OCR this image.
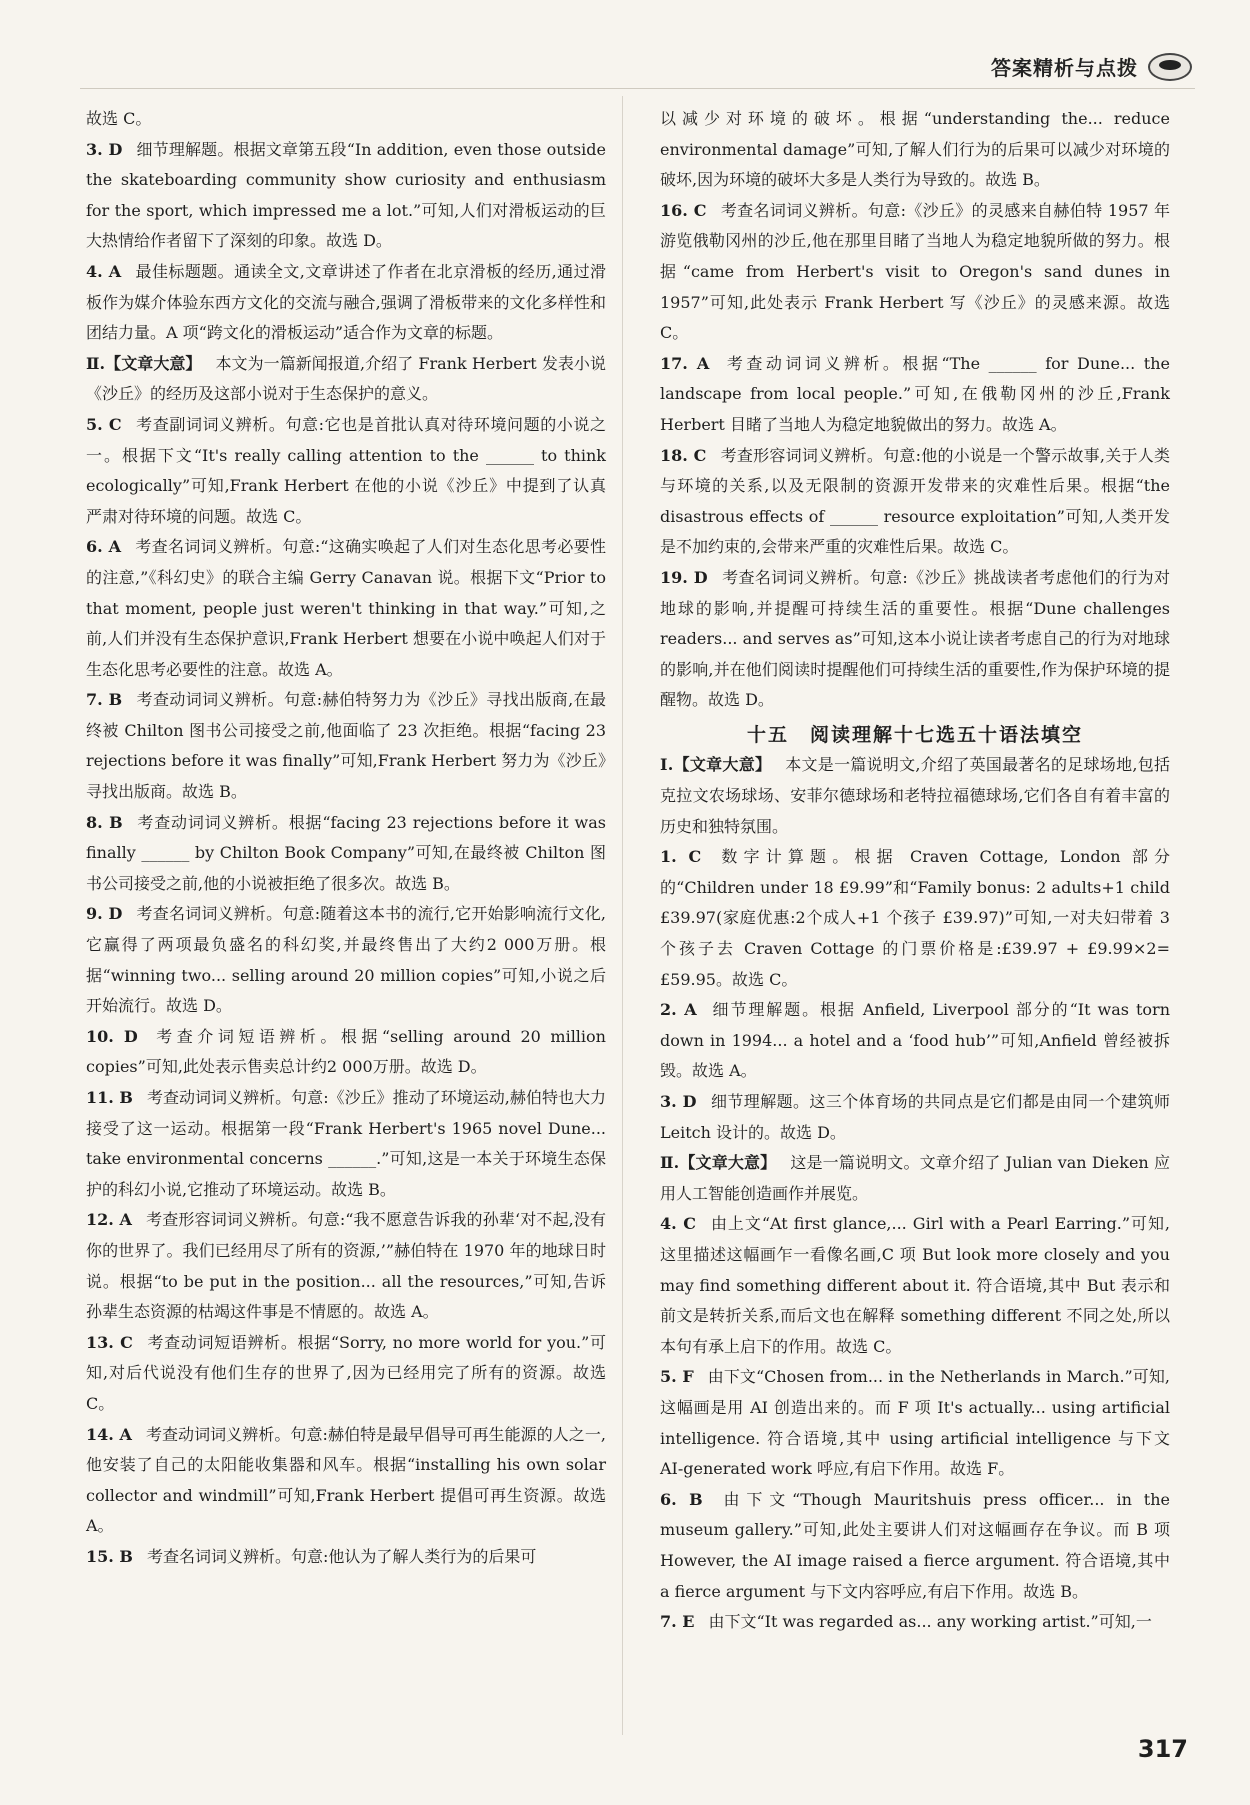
答案精析与点拨

故选 C。

3. D 细节理解题。根据文章第五段“In addition, even those outside the skateboarding community show curiosity and enthusiasm for the sport, which impressed me a lot.”可知,人们对滑板运动的巨大热情给作者留下了深刻的印象。故选 D。

4. A 最佳标题题。通读全文,文章讲述了作者在北京滑板的经历,通过滑板作为媒介体验东西方文化的交流与融合,强调了滑板带来的文化多样性和团结力量。A 项“跨文化的滑板运动”适合作为文章的标题。

Ⅱ.【文章大意】 本文为一篇新闻报道,介绍了 Frank Herbert 发表小说《沙丘》的经历及这部小说对于生态保护的意义。

5. C 考查副词词义辨析。句意:它也是首批认真对待环境问题的小说之一。根据下文“It's really calling attention to the ______ to think ecologically”可知,Frank Herbert 在他的小说《沙丘》中提到了认真严肃对待环境的问题。故选 C。

6. A 考查名词词义辨析。句意:“这确实唤起了人们对生态化思考必要性的注意,”《科幻史》的联合主编 Gerry Canavan 说。根据下文“Prior to that moment, people just weren't thinking in that way.”可知,之前,人们并没有生态保护意识,Frank Herbert 想要在小说中唤起人们对于生态化思考必要性的注意。故选 A。

7. B 考查动词词义辨析。句意:赫伯特努力为《沙丘》寻找出版商,在最终被 Chilton 图书公司接受之前,他面临了 23 次拒绝。根据“facing 23 rejections before it was finally”可知,Frank Herbert 努力为《沙丘》寻找出版商。故选 B。

8. B 考查动词词义辨析。根据“facing 23 rejections before it was finally ______ by Chilton Book Company”可知,在最终被 Chilton 图书公司接受之前,他的小说被拒绝了很多次。故选 B。

9. D 考查名词词义辨析。句意:随着这本书的流行,它开始影响流行文化,它赢得了两项最负盛名的科幻奖,并最终售出了大约2 000万册。根据“winning two... selling around 20 million copies”可知,小说之后开始流行。故选 D。

10. D 考查介词短语辨析。根据“selling around 20 million copies”可知,此处表示售卖总计约2 000万册。故选 D。

11. B 考查动词词义辨析。句意:《沙丘》推动了环境运动,赫伯特也大力接受了这一运动。根据第一段“Frank Herbert's 1965 novel Dune... take environmental concerns ______.”可知,这是一本关于环境生态保护的科幻小说,它推动了环境运动。故选 B。

12. A 考查形容词词义辨析。句意:“我不愿意告诉我的孙辈‘对不起,没有你的世界了。我们已经用尽了所有的资源,’”赫伯特在 1970 年的地球日时说。根据“to be put in the position... all the resources,”可知,告诉孙辈生态资源的枯竭这件事是不情愿的。故选 A。

13. C 考查动词短语辨析。根据“Sorry, no more world for you.”可知,对后代说没有他们生存的世界了,因为已经用完了所有的资源。故选 C。

14. A 考查动词词义辨析。句意:赫伯特是最早倡导可再生能源的人之一,他安装了自己的太阳能收集器和风车。根据“installing his own solar collector and windmill”可知,Frank Herbert 提倡可再生资源。故选 A。

15. B 考查名词词义辨析。句意:他认为了解人类行为的后果可

以减少对环境的破坏。根据“understanding the... reduce environmental damage”可知,了解人们行为的后果可以减少对环境的破坏,因为环境的破坏大多是人类行为导致的。故选 B。

16. C 考查名词词义辨析。句意:《沙丘》的灵感来自赫伯特 1957 年游览俄勒冈州的沙丘,他在那里目睹了当地人为稳定地貌所做的努力。根据“came from Herbert's visit to Oregon's sand dunes in 1957”可知,此处表示 Frank Herbert 写《沙丘》的灵感来源。故选 C。

17. A 考查动词词义辨析。根据“The ______ for Dune... the landscape from local people.”可知,在俄勒冈州的沙丘,Frank Herbert 目睹了当地人为稳定地貌做出的努力。故选 A。

18. C 考查形容词词义辨析。句意:他的小说是一个警示故事,关于人类与环境的关系,以及无限制的资源开发带来的灾难性后果。根据“the disastrous effects of ______ resource exploitation”可知,人类开发是不加约束的,会带来严重的灾难性后果。故选 C。

19. D 考查名词词义辨析。句意:《沙丘》挑战读者考虑他们的行为对地球的影响,并提醒可持续生活的重要性。根据“Dune challenges readers... and serves as”可知,这本小说让读者考虑自己的行为对地球的影响,并在他们阅读时提醒他们可持续生活的重要性,作为保护环境的提醒物。故选 D。

十五　阅读理解十七选五十语法填空

Ⅰ.【文章大意】 本文是一篇说明文,介绍了英国最著名的足球场地,包括克拉文农场球场、安菲尔德球场和老特拉福德球场,它们各自有着丰富的历史和独特氛围。

1. C 数字计算题。根据 Craven Cottage, London 部分的“Children under 18 £9.99”和“Family bonus: 2 adults+1 child £39.97(家庭优惠:2个成人+1 个孩子 £39.97)”可知,一对夫妇带着 3 个孩子去 Craven Cottage 的门票价格是:£39.97 + £9.99×2= £59.95。故选 C。

2. A 细节理解题。根据 Anfield, Liverpool 部分的“It was torn down in 1994... a hotel and a ‘food hub’”可知,Anfield 曾经被拆毁。故选 A。

3. D 细节理解题。这三个体育场的共同点是它们都是由同一个建筑师 Leitch 设计的。故选 D。

Ⅱ.【文章大意】 这是一篇说明文。文章介绍了 Julian van Dieken 应用人工智能创造画作并展览。

4. C 由上文“At first glance,... Girl with a Pearl Earring.”可知,这里描述这幅画乍一看像名画,C 项 But look more closely and you may find something different about it. 符合语境,其中 But 表示和前文是转折关系,而后文也在解释 something different 不同之处,所以本句有承上启下的作用。故选 C。

5. F 由下文“Chosen from... in the Netherlands in March.”可知,这幅画是用 AI 创造出来的。而 F 项 It's actually... using artificial intelligence. 符合语境,其中 using artificial intelligence 与下文 AI-generated work 呼应,有启下作用。故选 F。

6. B 由下文“Though Mauritshuis press officer... in the museum gallery.”可知,此处主要讲人们对这幅画存在争议。而 B 项 However, the AI image raised a fierce argument. 符合语境,其中 a fierce argument 与下文内容呼应,有启下作用。故选 B。

7. E 由下文“It was regarded as... any working artist.”可知,一

317
